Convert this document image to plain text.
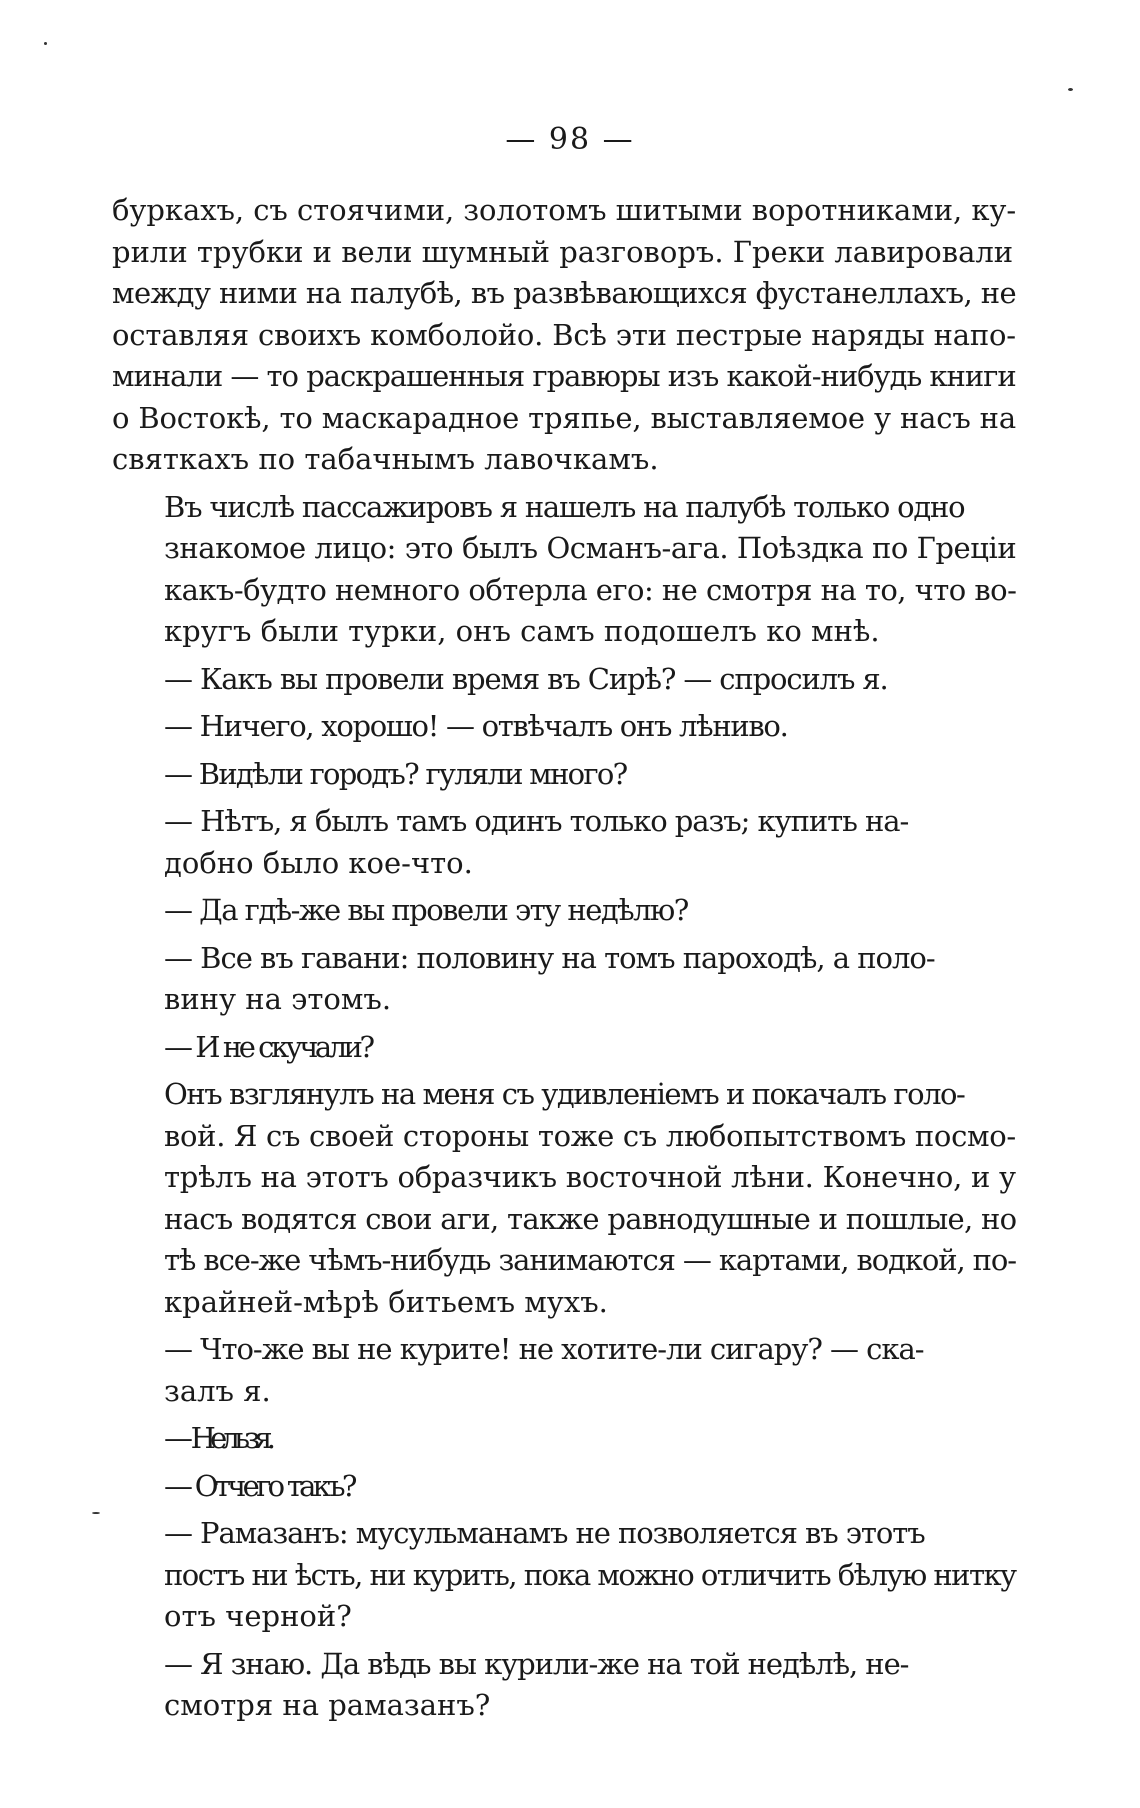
— 98 —

буркахъ, съ стоячими, золотомъ шитыми воротниками, ку-
рили трубки и вели шумный разговоръ. Греки лавировали
между ними на палубѣ, въ развѣвающихся фустанеллахъ, не
оставляя своихъ комболойо. Всѣ эти пестрые наряды напо-
минали — то раскрашенныя гравюры изъ какой-нибудь книги
о Востокѣ, то маскарадное тряпье, выставляемое у насъ на
святкахъ по табачнымъ лавочкамъ.

Въ числѣ пассажировъ я нашелъ на палубѣ только одно
знакомое лицо: это былъ Османъ-ага. Поѣздка по Греціи
какъ-будто немного обтерла его: не смотря на то, что во-
кругъ были турки, онъ самъ подошелъ ко мнѣ.

— Какъ вы провели время въ Сирѣ? — спросилъ я.

— Ничего, хорошо! — отвѣчалъ онъ лѣниво.

— Видѣли городъ? гуляли много?

— Нѣтъ, я былъ тамъ одинъ только разъ; купить на-
добно было кое-что.

— Да гдѣ-же вы провели эту недѣлю?

— Все въ гавани: половину на томъ пароходѣ, а поло-
вину на этомъ.

— И не скучали?

Онъ взглянулъ на меня съ удивленіемъ и покачалъ голо-
вой. Я съ своей стороны тоже съ любопытствомъ посмо-
трѣлъ на этотъ образчикъ восточной лѣни. Конечно, и у
насъ водятся свои аги, также равнодушные и пошлые, но
тѣ все-же чѣмъ-нибудь занимаются — картами, водкой, по-
крайней-мѣрѣ битьемъ мухъ.

— Что-же вы не курите! не хотите-ли сигару? — ска-
залъ я.

— Нельзя.

— Отчего такъ?

— Рамазанъ: мусульманамъ не позволяется въ этотъ
постъ ни ѣсть, ни курить, пока можно отличить бѣлую нитку
отъ черной?

— Я знаю. Да вѣдь вы курили-же на той недѣлѣ, не-
смотря на рамазанъ?
